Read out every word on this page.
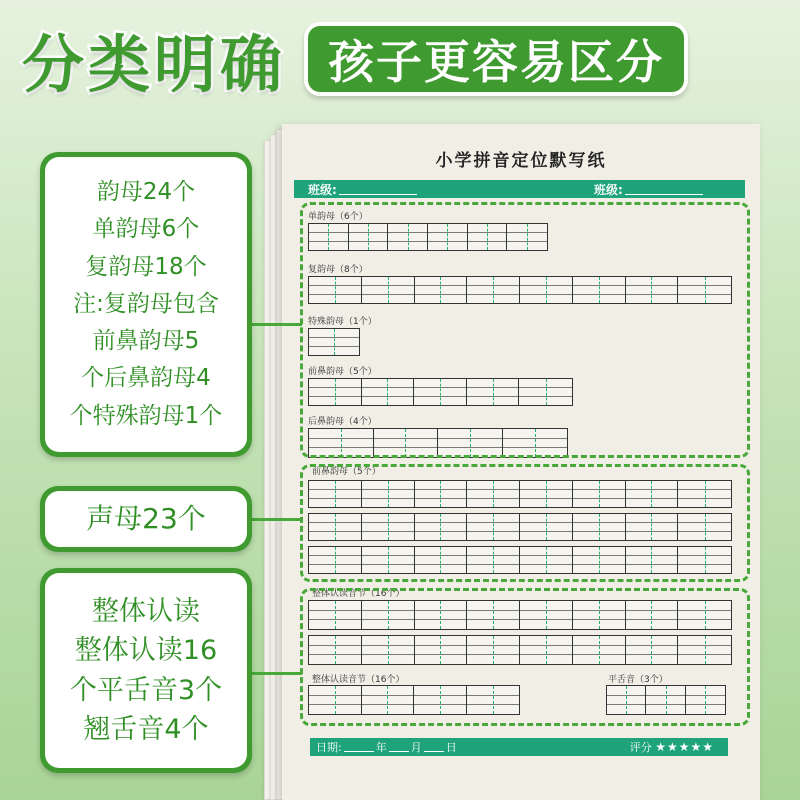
分类明确 孩子更容易区分
小学拼音定位默写纸
班级:	班级:
单韵母（6个）
复韵母（8个）
特殊韵母（1个）
前鼻韵母（5个）
后鼻韵母（4个）
前鼻韵母（5个）
整体认读音节（16个）
整体认读音节（16个）	平舌音（3个）
日期:	年 月 日	评分 ★★★★★
韵母24个
单韵母6个
复韵母18个
注:复韵母包含
前鼻韵母5
个后鼻韵母4
个特殊韵母1个
声母23个
整体认读
整体认读16
个平舌音3个
翘舌音4个
